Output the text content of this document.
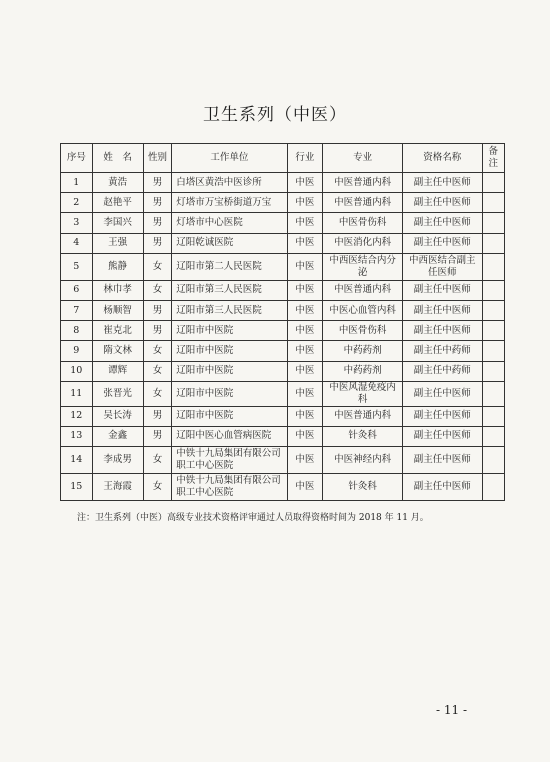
卫生系列（中医）
序号	姓　名	性别	工作单位	行业	专业	资格名称	备注
1	黄浩	男	白塔区黄浩中医诊所	中医	中医普通内科	副主任中医师	
2	赵艳平	男	灯塔市万宝桥街道万宝	中医	中医普通内科	副主任中医师	
3	李国兴	男	灯塔市中心医院	中医	中医骨伤科	副主任中医师	
4	王强	男	辽阳乾诚医院	中医	中医消化内科	副主任中医师	
5	熊静	女	辽阳市第二人民医院	中医	中西医结合内分泌	中西医结合副主任医师	
6	林巾孝	女	辽阳市第三人民医院	中医	中医普通内科	副主任中医师	
7	杨顺智	男	辽阳市第三人民医院	中医	中医心血管内科	副主任中医师	
8	崔克北	男	辽阳市中医院	中医	中医骨伤科	副主任中医师	
9	隋文林	女	辽阳市中医院	中医	中药药剂	副主任中药师	
10	谭辉	女	辽阳市中医院	中医	中药药剂	副主任中药师	
11	张晋光	女	辽阳市中医院	中医	中医风湿免疫内科	副主任中医师	
12	吴长涛	男	辽阳市中医院	中医	中医普通内科	副主任中医师	
13	金鑫	男	辽阳中医心血管病医院	中医	针灸科	副主任中医师	
14	李成男	女	中铁十九局集团有限公司职工中心医院	中医	中医神经内科	副主任中医师	
15	王海霞	女	中铁十九局集团有限公司职工中心医院	中医	针灸科	副主任中医师	
注：卫生系列（中医）高级专业技术资格评审通过人员取得资格时间为 2018 年 11 月。
- 11 -
